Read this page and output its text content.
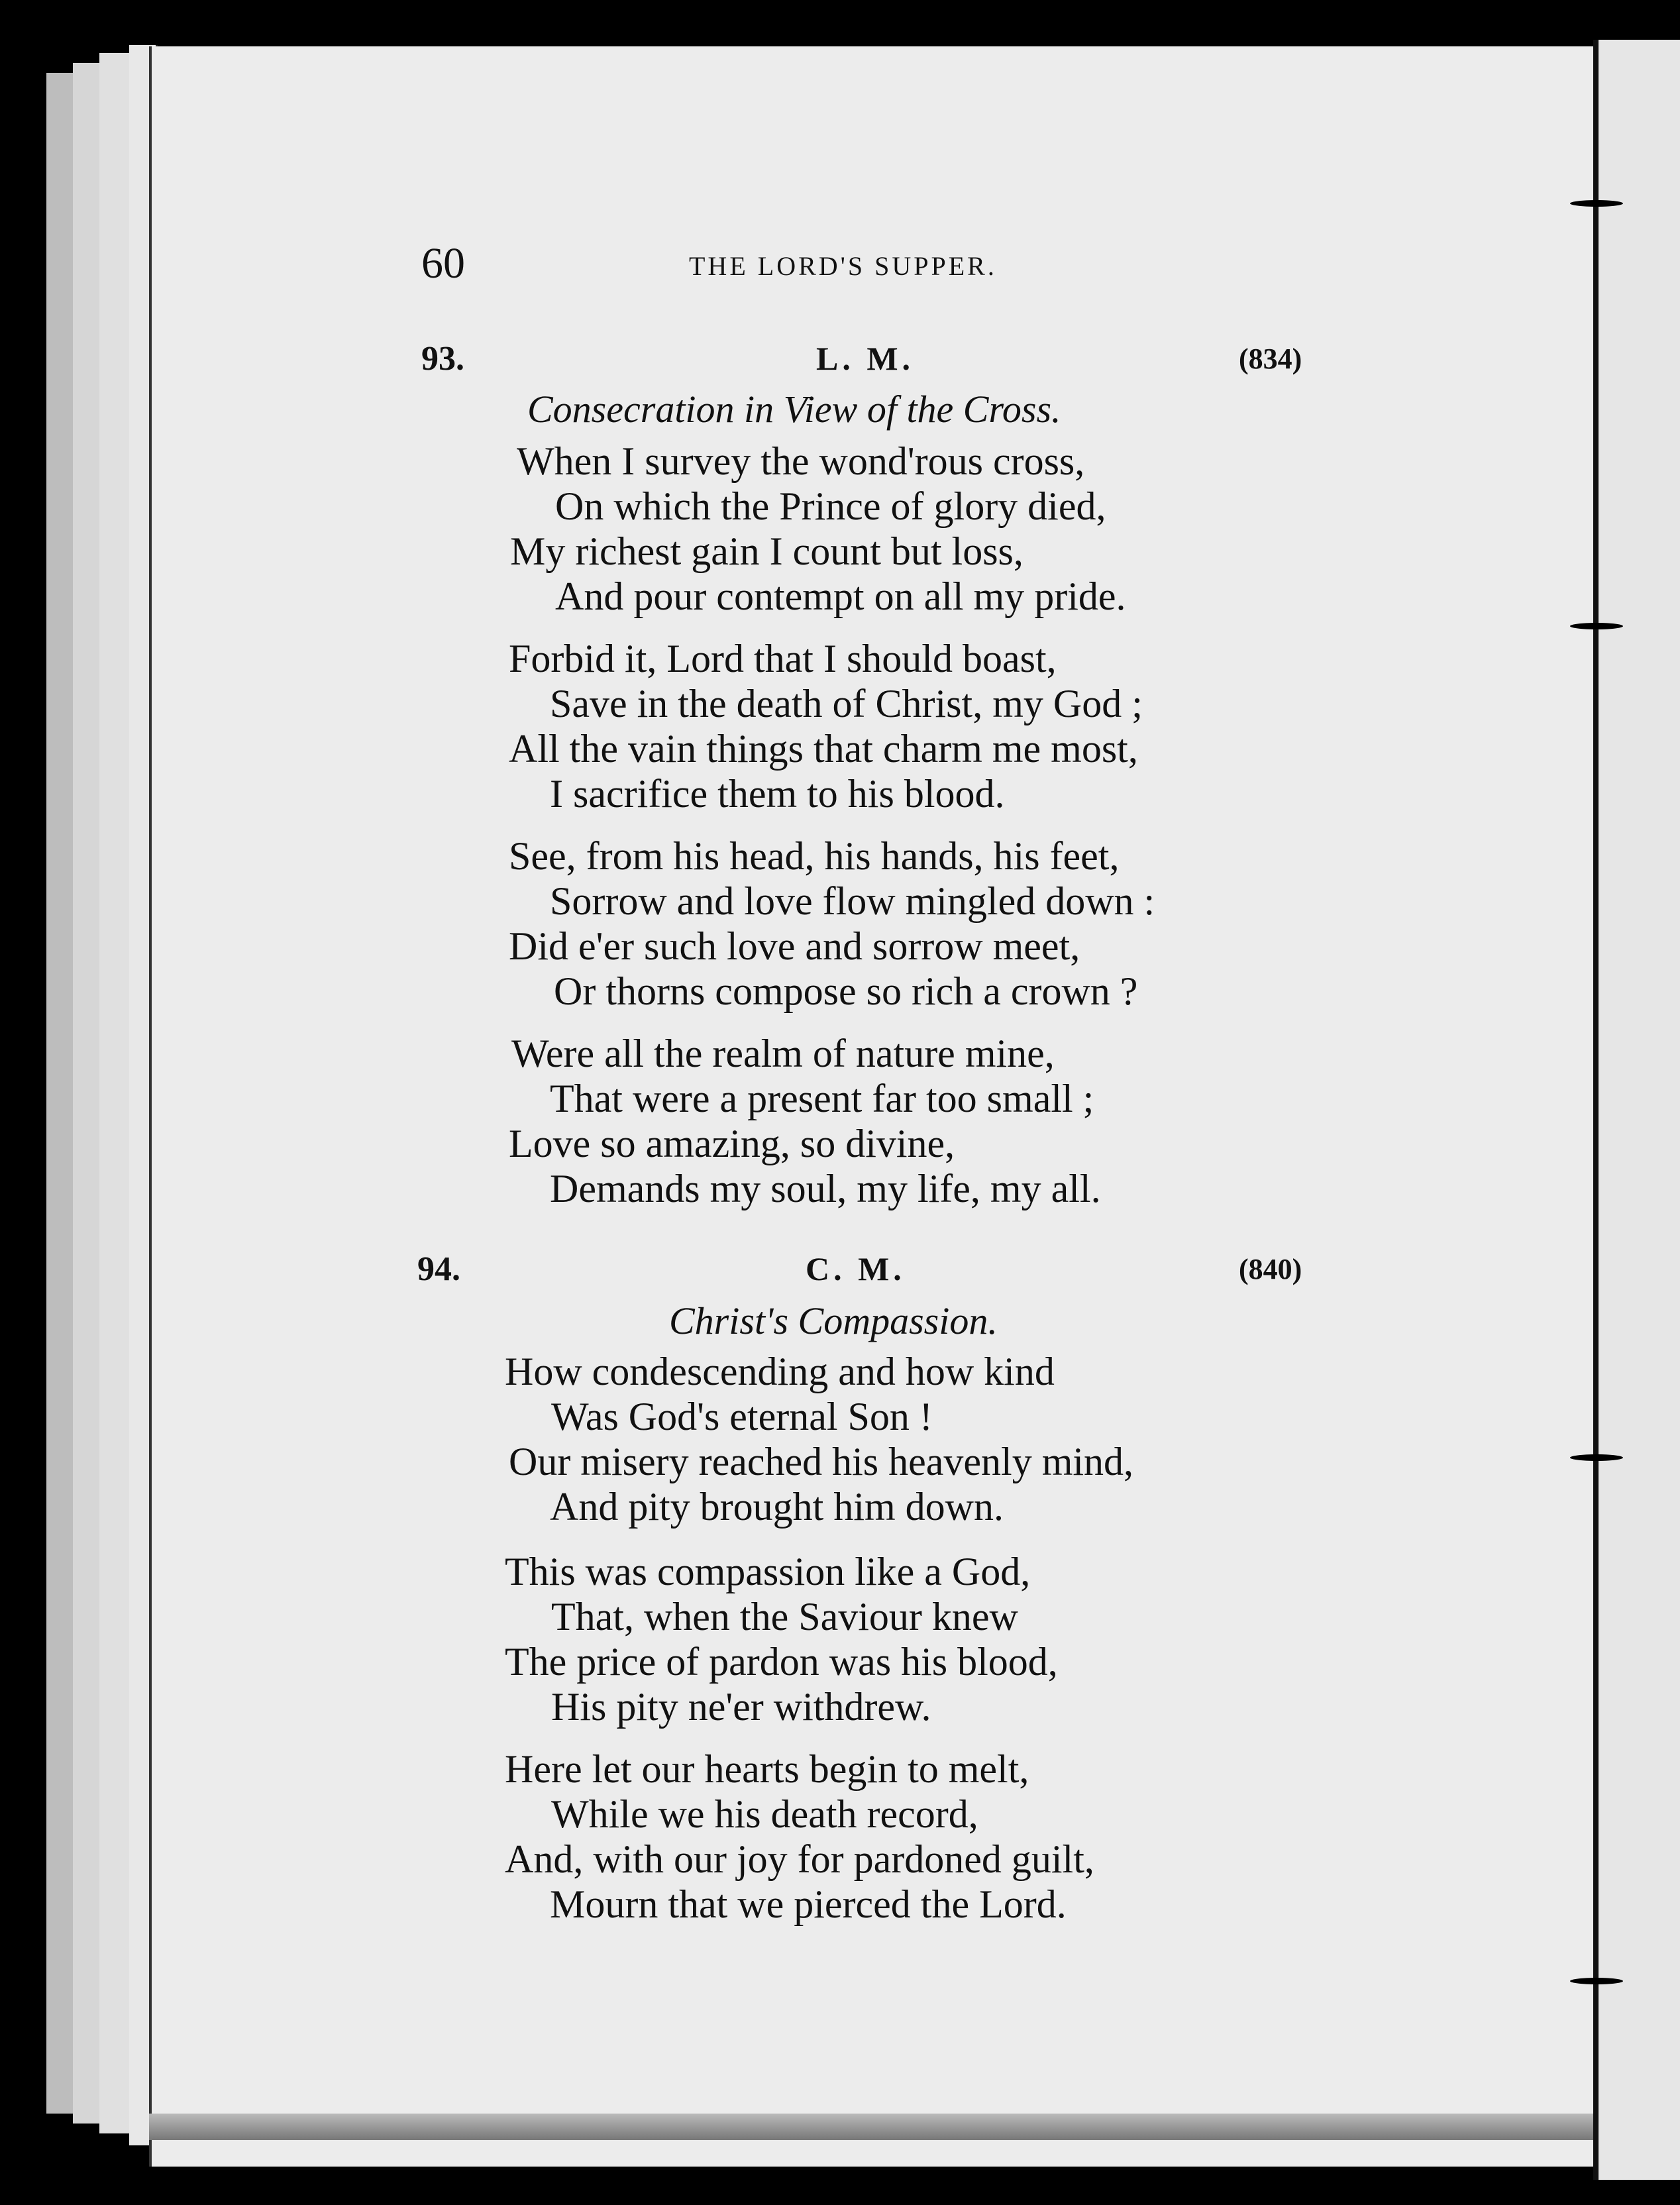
60	THE LORD'S SUPPER.
93.	L. M.	(834)
Consecration in View of the Cross.
When I survey the wond'rous cross,
On which the Prince of glory died,
My richest gain I count but loss,
And pour contempt on all my pride.
Forbid it, Lord that I should boast,
Save in the death of Christ, my God ;
All the vain things that charm me most,
I sacrifice them to his blood.
See, from his head, his hands, his feet,
Sorrow and love flow mingled down :
Did e'er such love and sorrow meet,
Or thorns compose so rich a crown ?
Were all the realm of nature mine,
That were a present far too small ;
Love so amazing, so divine,
Demands my soul, my life, my all.
94.	C. M.	(840)
Christ's Compassion.
How condescending and how kind
Was God's eternal Son !
Our misery reached his heavenly mind,
And pity brought him down.
This was compassion like a God,
That, when the Saviour knew
The price of pardon was his blood,
His pity ne'er withdrew.
Here let our hearts begin to melt,
While we his death record,
And, with our joy for pardoned guilt,
Mourn that we pierced the Lord.
